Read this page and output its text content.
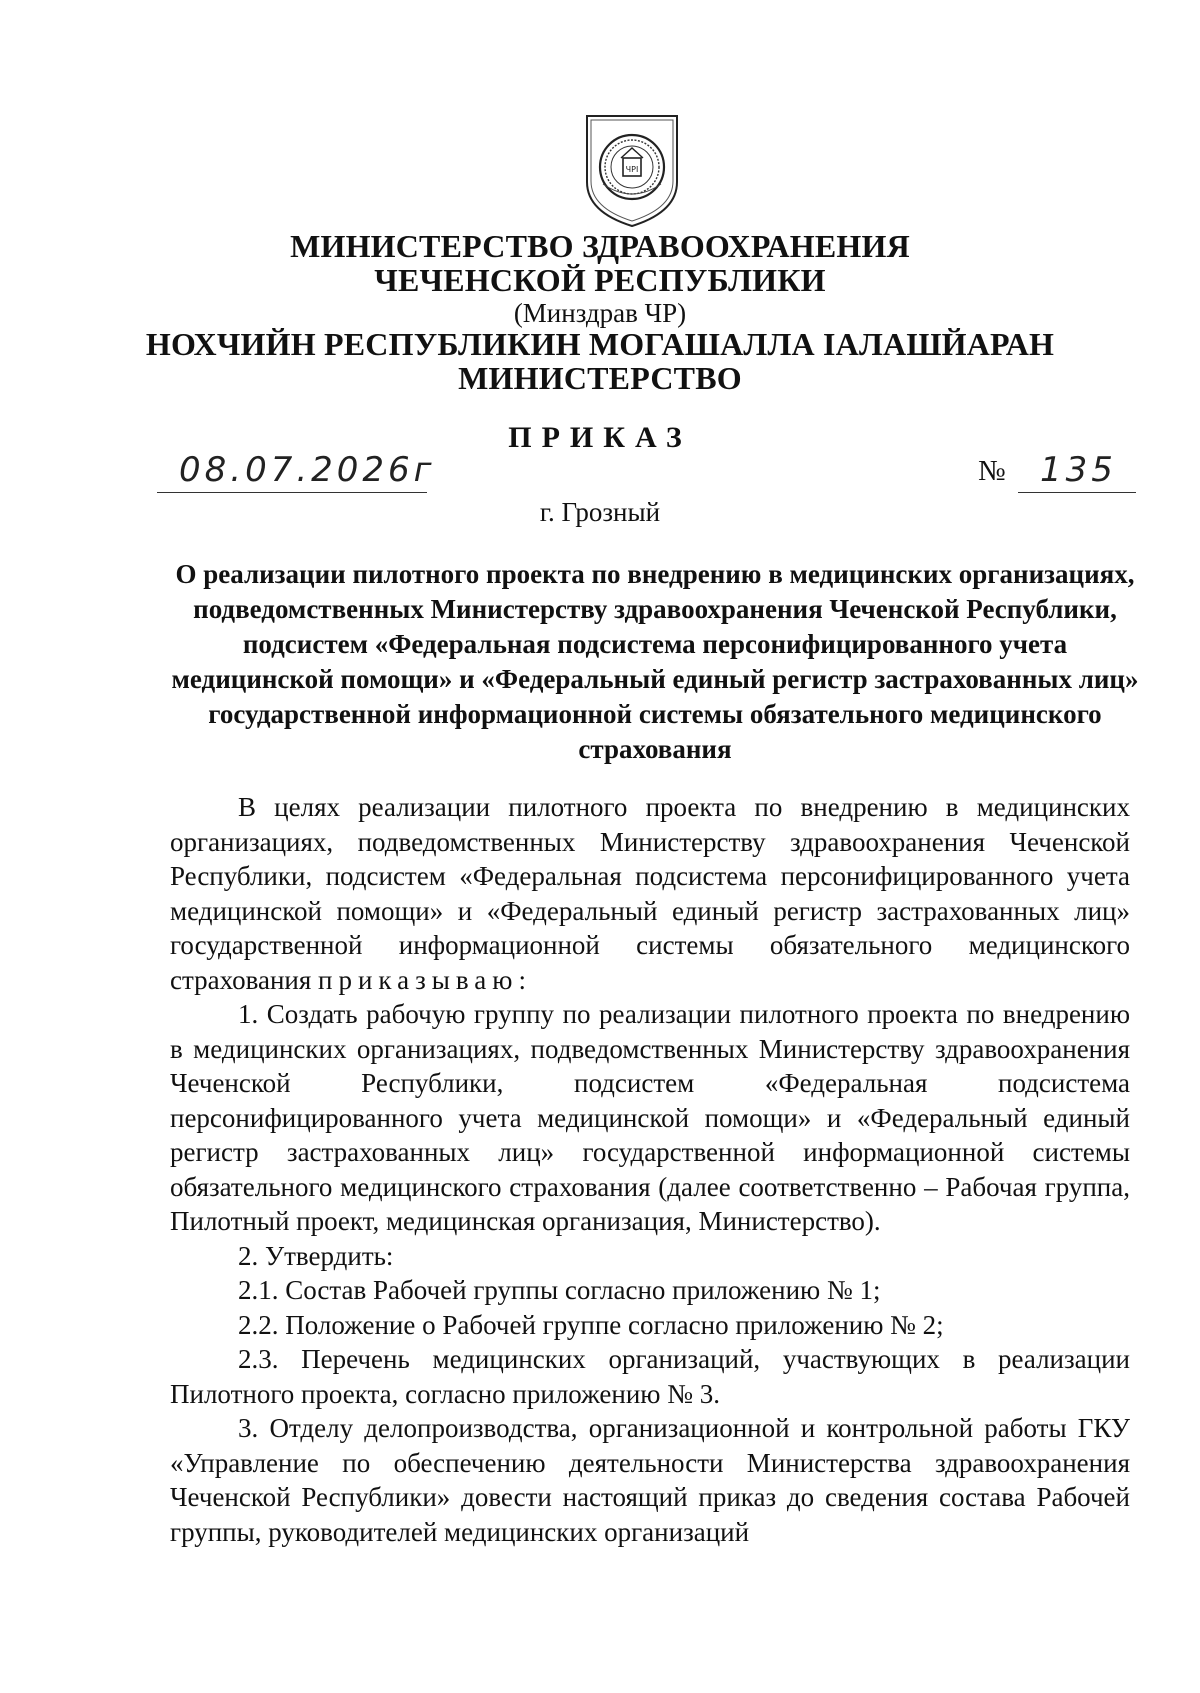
ЧРI
МИНИСТЕРСТВО ЗДРАВООХРАНЕНИЯ
ЧЕЧЕНСКОЙ РЕСПУБЛИКИ
(Минздрав ЧР)
НОХЧИЙН РЕСПУБЛИКИН МОГАШАЛЛА IАЛАШЙАРАН
МИНИСТЕРСТВО
ПРИКАЗ
08.07.2026г	№ 135
г. Грозный
О реализации пилотного проекта по внедрению в медицинских организациях, подведомственных Министерству здравоохранения Чеченской Республики, подсистем «Федеральная подсистема персонифицированного учета медицинской помощи» и «Федеральный единый регистр застрахованных лиц» государственной информационной системы обязательного медицинского страхования

В целях реализации пилотного проекта по внедрению в медицинских организациях, подведомственных Министерству здравоохранения Чеченской Республики, подсистем «Федеральная подсистема персонифицированного учета медицинской помощи» и «Федеральный единый регистр застрахованных лиц» государственной информационной системы обязательного медицинского страхования приказываю:

1. Создать рабочую группу по реализации пилотного проекта по внедрению в медицинских организациях, подведомственных Министерству здравоохранения Чеченской Республики, подсистем «Федеральная подсистема персонифицированного учета медицинской помощи» и «Федеральный единый регистр застрахованных лиц» государственной информационной системы обязательного медицинского страхования (далее соответственно – Рабочая группа, Пилотный проект, медицинская организация, Министерство).

2. Утвердить:

2.1. Состав Рабочей группы согласно приложению № 1;

2.2. Положение о Рабочей группе согласно приложению № 2;

2.3. Перечень медицинских организаций, участвующих в реализации Пилотного проекта, согласно приложению № 3.

3. Отделу делопроизводства, организационной и контрольной работы ГКУ «Управление по обеспечению деятельности Министерства здравоохранения Чеченской Республики» довести настоящий приказ до сведения состава Рабочей группы, руководителей медицинских организаций
